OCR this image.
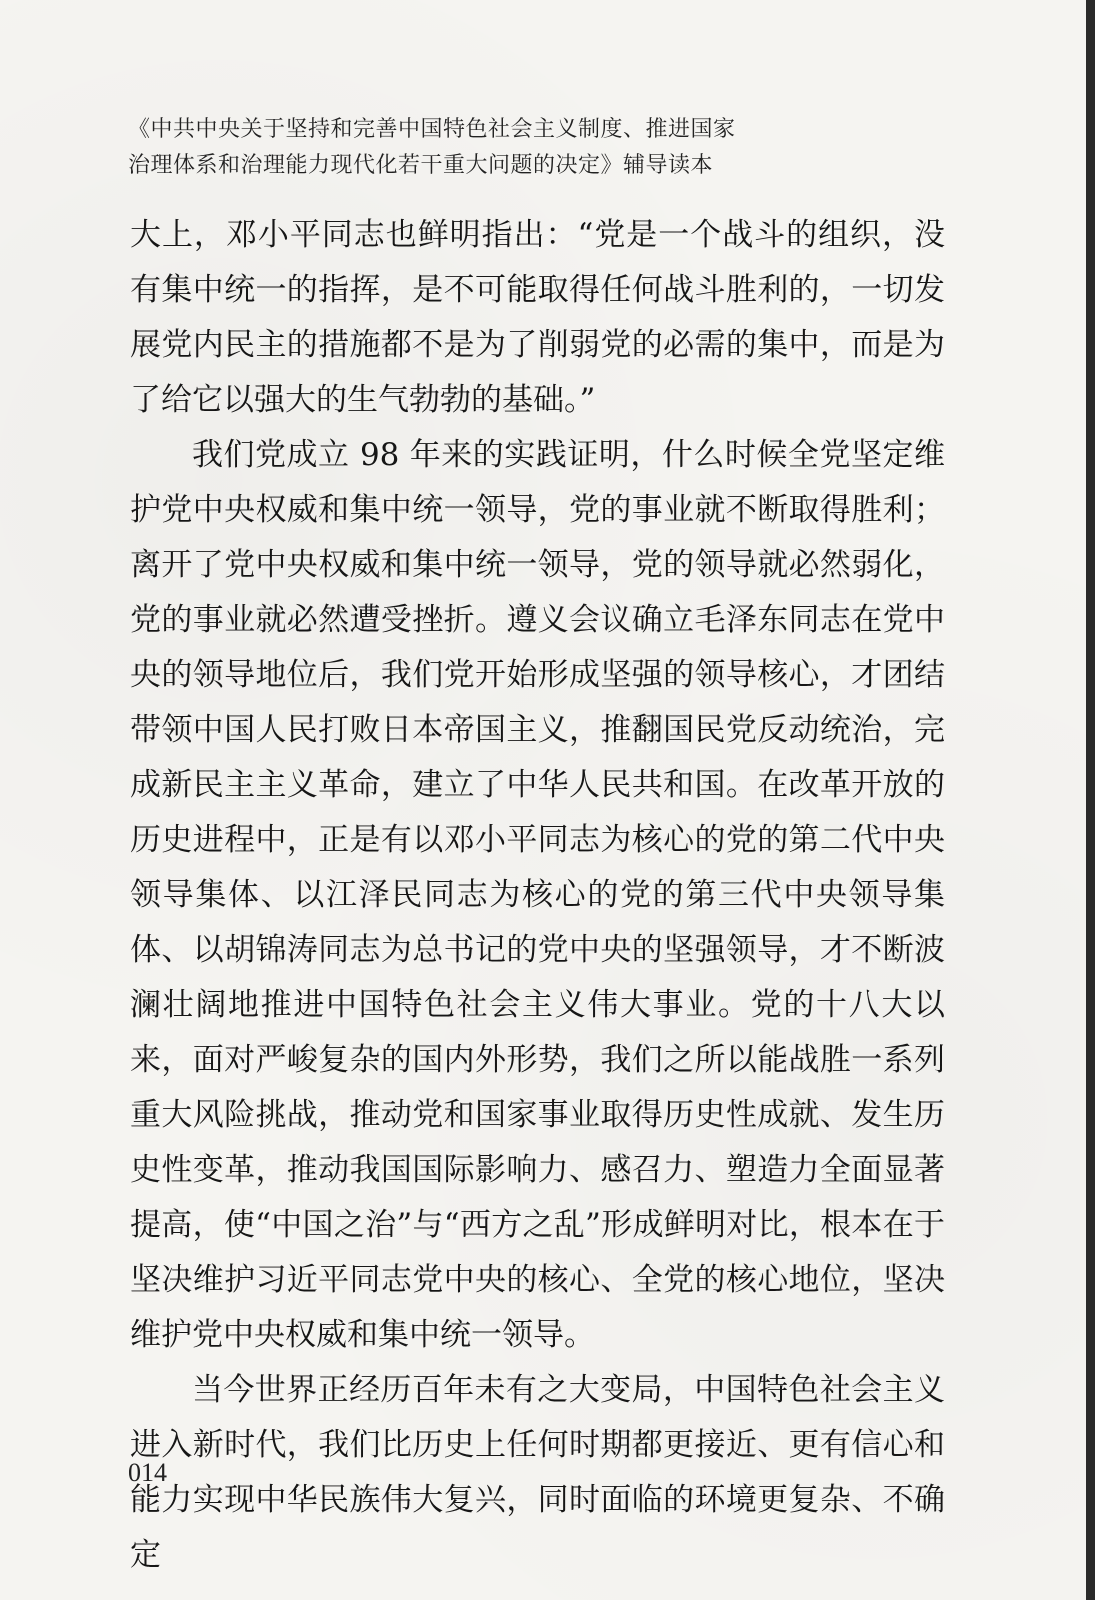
《中共中央关于坚持和完善中国特色社会主义制度、推进国家
治理体系和治理能力现代化若干重大问题的决定》辅导读本

大上，邓小平同志也鲜明指出：“党是一个战斗的组织，没有集中统一的指挥，是不可能取得任何战斗胜利的，一切发展党内民主的措施都不是为了削弱党的必需的集中，而是为了给它以强大的生气勃勃的基础。”

我们党成立 98 年来的实践证明，什么时候全党坚定维护党中央权威和集中统一领导，党的事业就不断取得胜利；离开了党中央权威和集中统一领导，党的领导就必然弱化，党的事业就必然遭受挫折。遵义会议确立毛泽东同志在党中央的领导地位后，我们党开始形成坚强的领导核心，才团结带领中国人民打败日本帝国主义，推翻国民党反动统治，完成新民主主义革命，建立了中华人民共和国。在改革开放的历史进程中，正是有以邓小平同志为核心的党的第二代中央领导集体、以江泽民同志为核心的党的第三代中央领导集体、以胡锦涛同志为总书记的党中央的坚强领导，才不断波澜壮阔地推进中国特色社会主义伟大事业。党的十八大以来，面对严峻复杂的国内外形势，我们之所以能战胜一系列重大风险挑战，推动党和国家事业取得历史性成就、发生历史性变革，推动我国国际影响力、感召力、塑造力全面显著提高，使“中国之治”与“西方之乱”形成鲜明对比，根本在于坚决维护习近平同志党中央的核心、全党的核心地位，坚决维护党中央权威和集中统一领导。

当今世界正经历百年未有之大变局，中国特色社会主义进入新时代，我们比历史上任何时期都更接近、更有信心和能力实现中华民族伟大复兴，同时面临的环境更复杂、不确定

014
